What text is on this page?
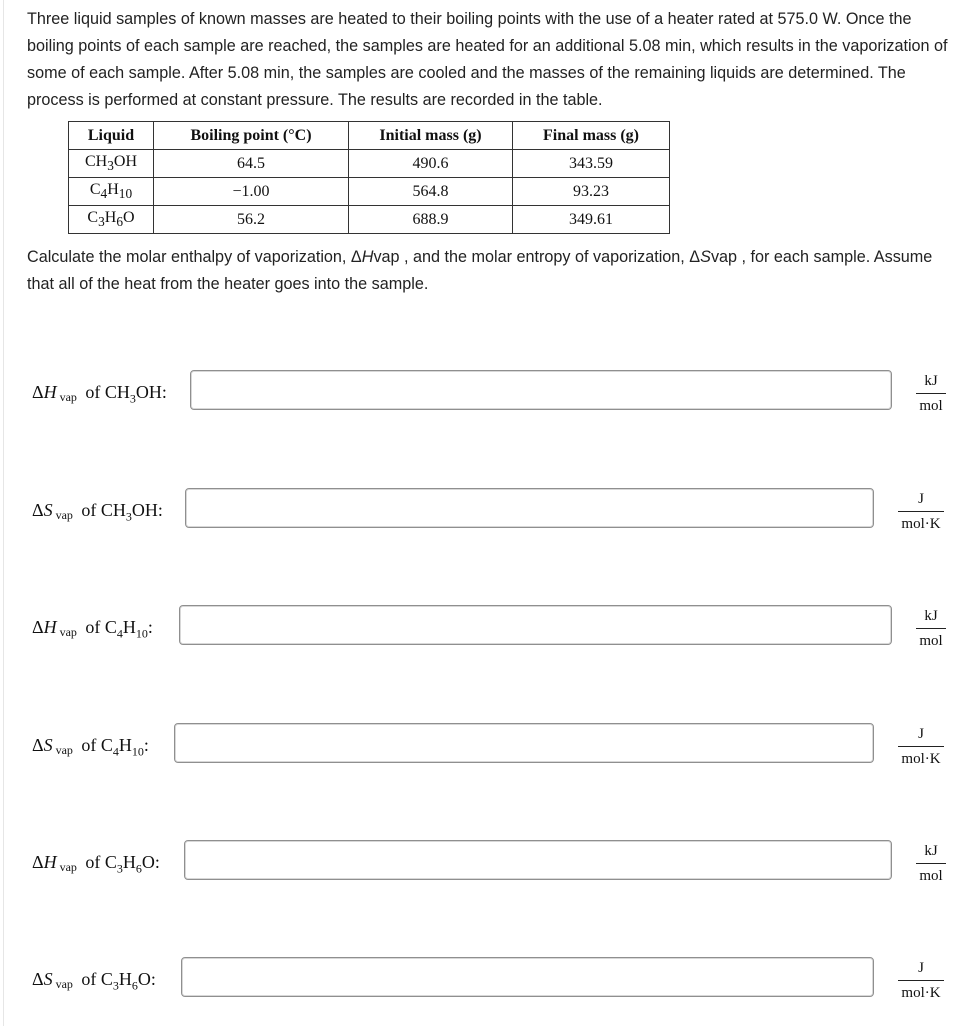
Three liquid samples of known masses are heated to their boiling points with the use of a heater rated at 575.0 W. Once the boiling points of each sample are reached, the samples are heated for an additional 5.08 min, which results in the vaporization of some of each sample. After 5.08 min, the samples are cooled and the masses of the remaining liquids are determined. The process is performed at constant pressure. The results are recorded in the table.

Liquid	Boiling point (°C)	Initial mass (g)	Final mass (g)
$CH_3OH$	64.5	490.6	343.59
$C_4H_{10}$	−1.00	564.8	93.23
$C_3H_6O$	56.2	688.9	349.61

Calculate the molar enthalpy of vaporization, ΔHvap , and the molar entropy of vaporization, ΔSvap , for each sample. Assume that all of the heat from the heater goes into the sample.

ΔH vap of $CH_3OH$:
kJ
mol
ΔS vap of $CH_3OH$:
J
mol·K
ΔH vap of $C_4H_{10}$:
kJ
mol
ΔS vap of $C_4H_{10}$:
J
mol·K
ΔH vap of $C_3H_6O$:
kJ
mol
ΔS vap of $C_3H_6O$:
J
mol·K
